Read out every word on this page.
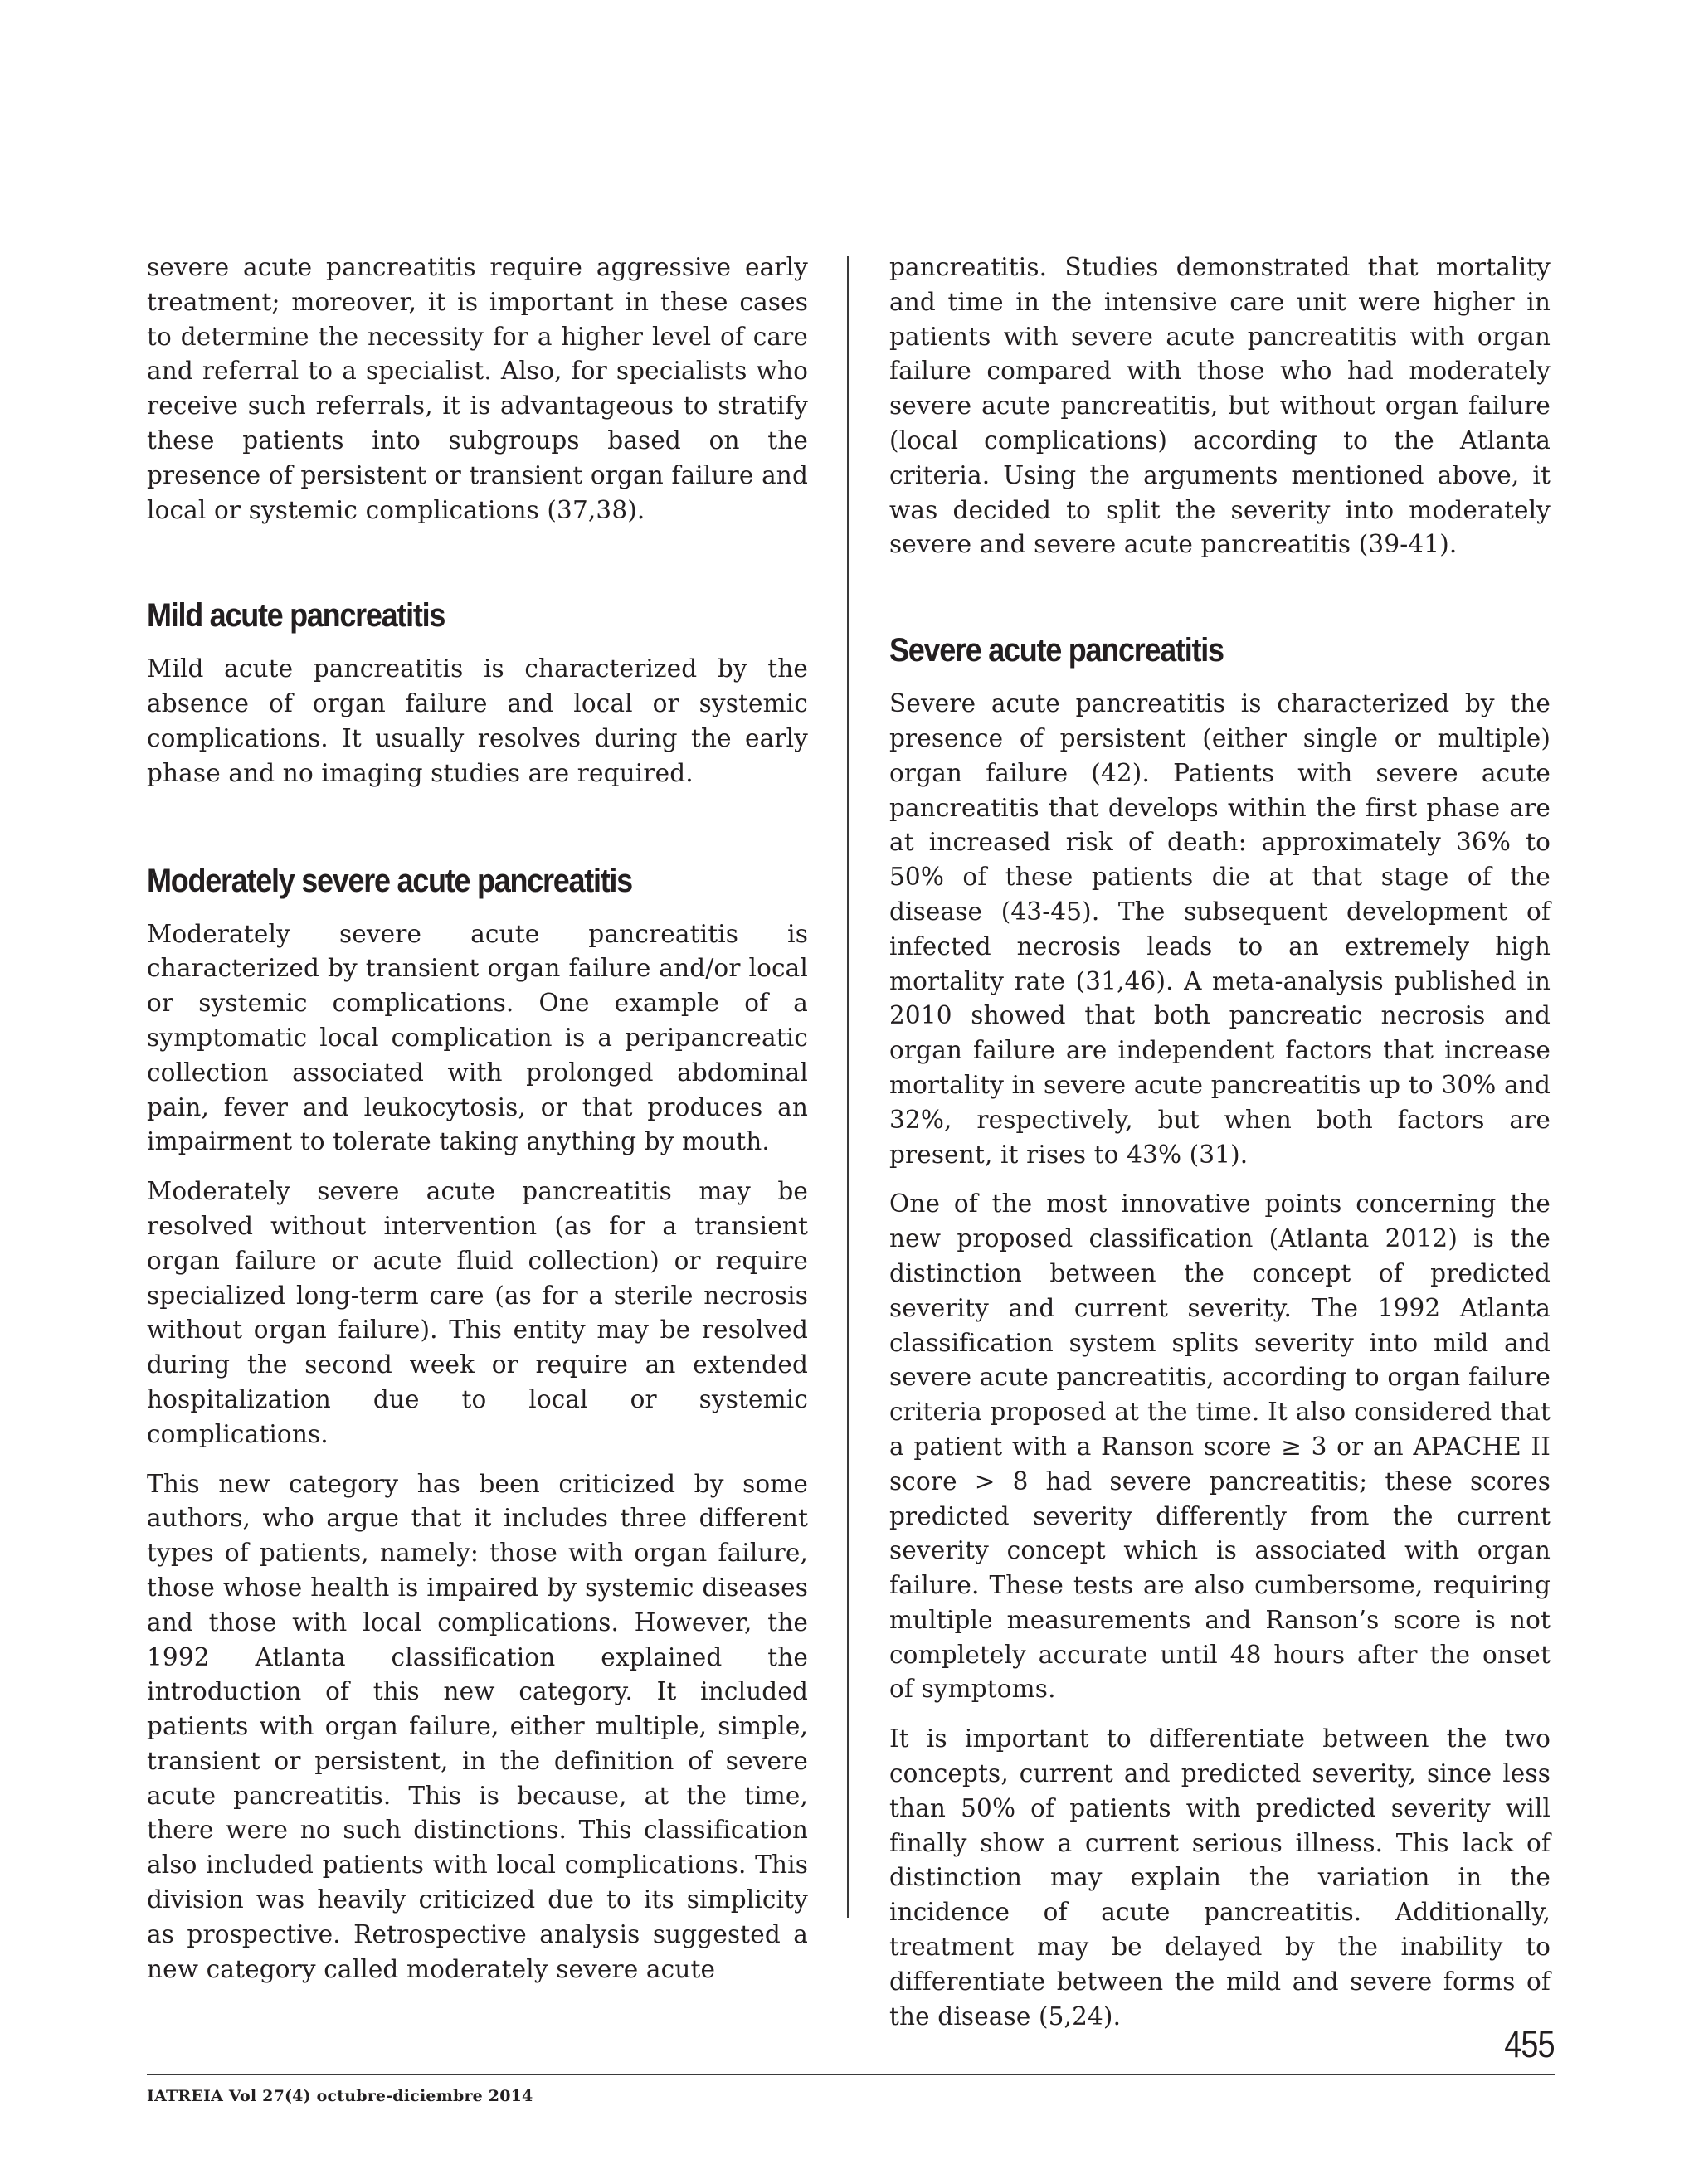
severe acute pancreatitis require aggressive early treatment; moreover, it is important in these cases to determine the necessity for a higher level of care and referral to a specialist. Also, for specialists who receive such referrals, it is advantageous to stratify these patients into subgroups based on the presence of persistent or transient organ failure and local or systemic complications (37,38).

Mild acute pancreatitis

Mild acute pancreatitis is characterized by the absence of organ failure and local or systemic complications. It usually resolves during the early phase and no imaging studies are required.

Moderately severe acute pancreatitis

Moderately severe acute pancreatitis is characterized by transient organ failure and/or local or systemic complications. One example of a symptomatic local complication is a peripancreatic collection associated with prolonged abdominal pain, fever and leukocytosis, or that produces an impairment to tolerate taking anything by mouth.

Moderately severe acute pancreatitis may be resolved without intervention (as for a transient organ failure or acute fluid collection) or require specialized long-term care (as for a sterile necrosis without organ failure). This entity may be resolved during the second week or require an extended hospitalization due to local or systemic complications.

This new category has been criticized by some authors, who argue that it includes three different types of patients, namely: those with organ failure, those whose health is impaired by systemic diseases and those with local complications. However, the 1992 Atlanta classification explained the introduction of this new category. It included patients with organ failure, either multiple, simple, transient or persistent, in the definition of severe acute pancreatitis. This is because, at the time, there were no such distinctions. This classification also included patients with local complications. This division was heavily criticized due to its simplicity as prospective. Retrospective analysis suggested a new category called moderately severe acute

pancreatitis. Studies demonstrated that mortality and time in the intensive care unit were higher in patients with severe acute pancreatitis with organ failure compared with those who had moderately severe acute pancreatitis, but without organ failure (local complications) according to the Atlanta criteria. Using the arguments mentioned above, it was decided to split the severity into moderately severe and severe acute pancreatitis (39-41).

Severe acute pancreatitis

Severe acute pancreatitis is characterized by the presence of persistent (either single or multiple) organ failure (42). Patients with severe acute pancreatitis that develops within the first phase are at increased risk of death: approximately 36% to 50% of these patients die at that stage of the disease (43-45). The subsequent development of infected necrosis leads to an extremely high mortality rate (31,46). A meta-analysis published in 2010 showed that both pancreatic necrosis and organ failure are independent factors that increase mortality in severe acute pancreatitis up to 30% and 32%, respectively, but when both factors are present, it rises to 43% (31).

One of the most innovative points concerning the new proposed classification (Atlanta 2012) is the distinction between the concept of predicted severity and current severity. The 1992 Atlanta classification system splits severity into mild and severe acute pancreatitis, according to organ failure criteria proposed at the time. It also considered that a patient with a Ranson score ≥ 3 or an APACHE II score > 8 had severe pancreatitis; these scores predicted severity differently from the current severity concept which is associated with organ failure. These tests are also cumbersome, requiring multiple measurements and Ranson’s score is not completely accurate until 48 hours after the onset of symptoms.

It is important to differentiate between the two concepts, current and predicted severity, since less than 50% of patients with predicted severity will finally show a current serious illness. This lack of distinction may explain the variation in the incidence of acute pancreatitis. Additionally, treatment may be delayed by the inability to differentiate between the mild and severe forms of the disease (5,24).

455
IATREIA Vol 27(4) octubre-diciembre 2014
